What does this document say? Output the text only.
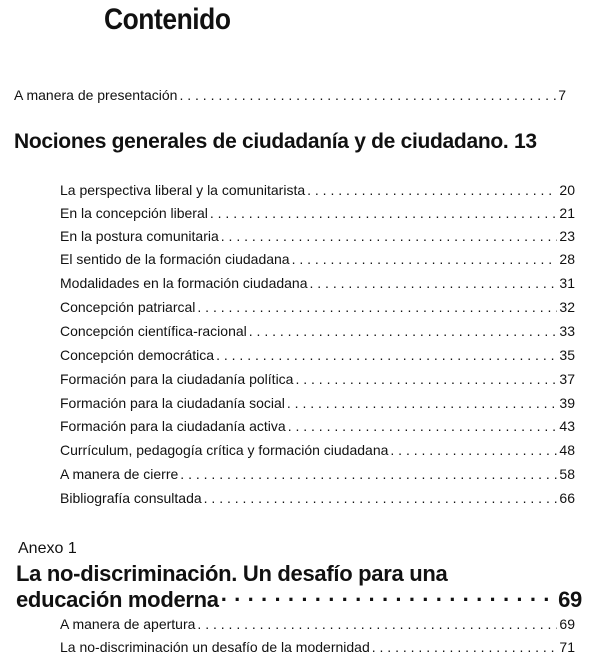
Contenido
A manera de presentación . . .	7
Nociones generales de ciudadanía y de ciudadano. 13
La perspectiva liberal y la comunitarista . . .	20
En la concepción liberal . . .	21
En la postura comunitaria . . .	23
El sentido de la formación ciudadana . . .	28
Modalidades en la formación ciudadana . . .	31
Concepción patriarcal . . .	32
Concepción científica-racional . . .	33
Concepción democrática . . .	35
Formación para la ciudadanía política . . .	37
Formación para la ciudadanía social . . .	39
Formación para la ciudadanía activa . . .	43
Currículum, pedagogía crítica y formación ciudadana . . .	48
A manera de cierre . . .	58
Bibliografía consultada . . .	66
Anexo 1
La no-discriminación. Un desafío para una
educación moderna · · ·	69
A manera de apertura . . .	69
La no-discriminación un desafío de la modernidad . . .	71
